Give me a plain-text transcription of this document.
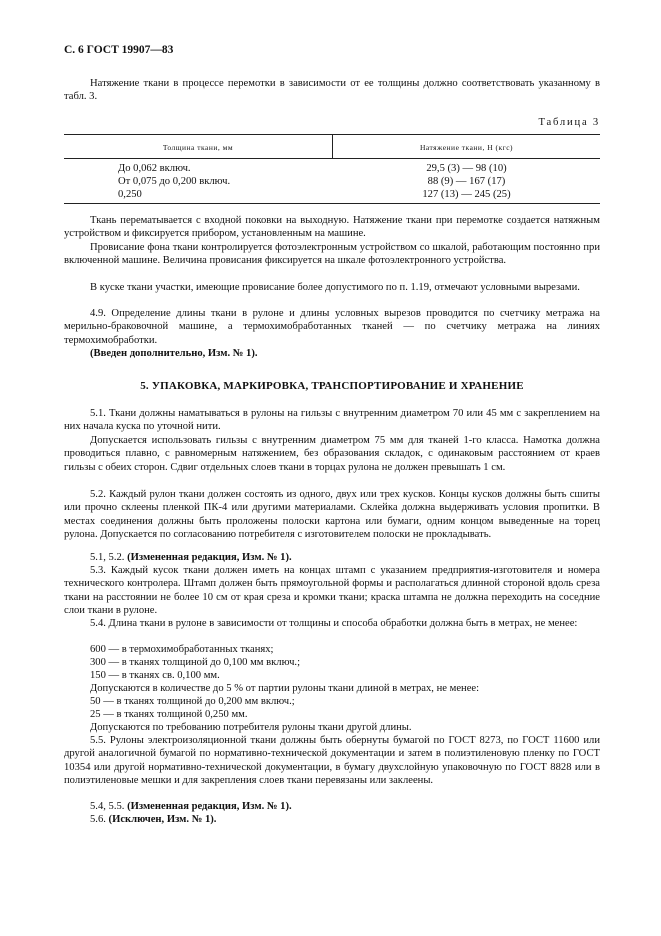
С. 6 ГОСТ 19907—83
Натяжение ткани в процессе перемотки в зависимости от ее толщины должно соответствовать указанному в табл. 3.
Таблица 3
Толщина ткани, мм	Натяжение ткани, Н (кгс)
До 0,062 включ.	29,5 (3) — 98 (10)
От 0,075 до 0,200 включ.	88 (9) — 167 (17)
0,250	127 (13) — 245 (25)
Ткань перематывается с входной поковки на выходную. Натяжение ткани при перемотке создается натяжным устройством и фиксируется прибором, установленным на машине.
Провисание фона ткани контролируется фотоэлектронным устройством со шкалой, работающим постоянно при включенной машине. Величина провисания фиксируется на шкале фотоэлектронного устройства.
В куске ткани участки, имеющие провисание более допустимого по п. 1.19, отмечают условными вырезами.
4.9. Определение длины ткани в рулоне и длины условных вырезов проводится по счетчику метража на мерильно-браковочной машине, а термохимобработанных тканей — по счетчику метража на линиях термохимобработки.
(Введен дополнительно, Изм. № 1).
5. УПАКОВКА, МАРКИРОВКА, ТРАНСПОРТИРОВАНИЕ И ХРАНЕНИЕ
5.1. Ткани должны наматываться в рулоны на гильзы с внутренним диаметром 70 или 45 мм с закреплением на них начала куска по уточной нити.
Допускается использовать гильзы с внутренним диаметром 75 мм для тканей 1-го класса. Намотка должна проводиться плавно, с равномерным натяжением, без образования складок, с одинаковым расстоянием от краев гильзы с обеих сторон. Сдвиг отдельных слоев ткани в торцах рулона не должен превышать 1 см.
5.2. Каждый рулон ткани должен состоять из одного, двух или трех кусков. Концы кусков должны быть сшиты или прочно склеены пленкой ПК-4 или другими материалами. Склейка должна выдерживать условия пропитки. В местах соединения должны быть проложены полоски картона или бумаги, одним концом выведенные на торец рулона. Допускается по согласованию потребителя с изготовителем полоски не прокладывать.
5.1, 5.2. (Измененная редакция, Изм. № 1).
5.3. Каждый кусок ткани должен иметь на концах штамп с указанием предприятия-изготовителя и номера технического контролера. Штамп должен быть прямоугольной формы и располагаться длинной стороной вдоль среза ткани на расстоянии не более 10 см от края среза и кромки ткани; краска штампа не должна переходить на соседние слои ткани в рулоне.
5.4. Длина ткани в рулоне в зависимости от толщины и способа обработки должна быть в метрах, не менее:
600 — в термохимобработанных тканях;
300 — в тканях толщиной до 0,100 мм включ.;
150 — в тканях св. 0,100 мм.
Допускаются в количестве до 5 % от партии рулоны ткани длиной в метрах, не менее:
50 — в тканях толщиной до 0,200 мм включ.;
25 — в тканях толщиной 0,250 мм.
Допускаются по требованию потребителя рулоны ткани другой длины.
5.5. Рулоны электроизоляционной ткани должны быть обернуты бумагой по ГОСТ 8273, по ГОСТ 11600 или другой аналогичной бумагой по нормативно-технической документации и затем в полиэтиленовую пленку по ГОСТ 10354 или другой нормативно-технической документации, в бумагу двухслойную упаковочную по ГОСТ 8828 или в полиэтиленовые мешки и для закрепления слоев ткани перевязаны или заклеены.
5.4, 5.5. (Измененная редакция, Изм. № 1).
5.6. (Исключен, Изм. № 1).
